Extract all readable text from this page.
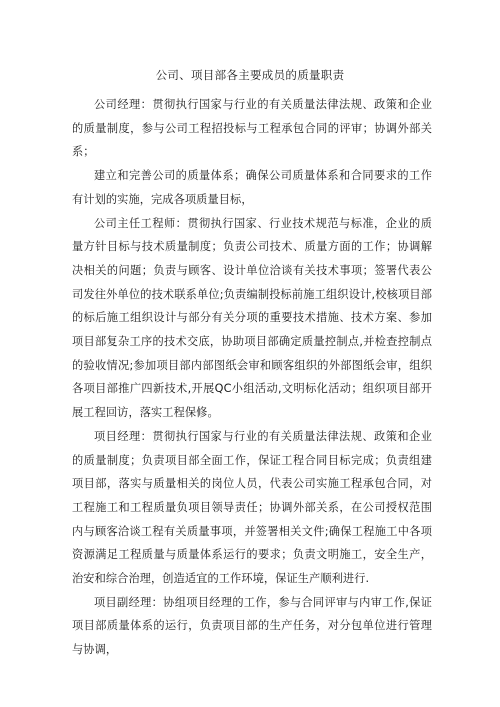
公司、项目部各主要成员的质量职责

公司经理：贯彻执行国家与行业的有关质量法律法规、政策和企业的质量制度，参与公司工程招投标与工程承包合同的评审；协调外部关系；

建立和完善公司的质量体系；确保公司质量体系和合同要求的工作有计划的实施，完成各项质量目标，

公司主任工程师：贯彻执行国家、行业技术规范与标准，企业的质量方针目标与技术质量制度；负责公司技术、质量方面的工作；协调解决相关的问题；负责与顾客、设计单位洽谈有关技术事项；签署代表公司发往外单位的技术联系单位;负责编制投标前施工组织设计,校核项目部的标后施工组织设计与部分有关分项的重要技术措施、技术方案、参加项目部复杂工序的技术交底，协助项目部确定质量控制点,并检查控制点的验收情况;参加项目部内部图纸会审和顾客组织的外部图纸会审，组织各项目部推广四新技术,开展QC小组活动,文明标化活动；组织项目部开展工程回访，落实工程保修。

项目经理：贯彻执行国家与行业的有关质量法律法规、政策和企业的质量制度；负责项目部全面工作，保证工程合同目标完成；负责组建项目部，落实与质量相关的岗位人员，代表公司实施工程承包合同，对工程施工和工程质量负项目领导责任；协调外部关系，在公司授权范围内与顾客洽谈工程有关质量事项，并签署相关文件;确保工程施工中各项资源满足工程质量与质量体系运行的要求；负责文明施工，安全生产，治安和综合治理，创造适宜的工作环境，保证生产顺利进行.

项目副经理：协组项目经理的工作，参与合同评审与内审工作,保证项目部质量体系的运行，负责项目部的生产任务，对分包单位进行管理与协调，
